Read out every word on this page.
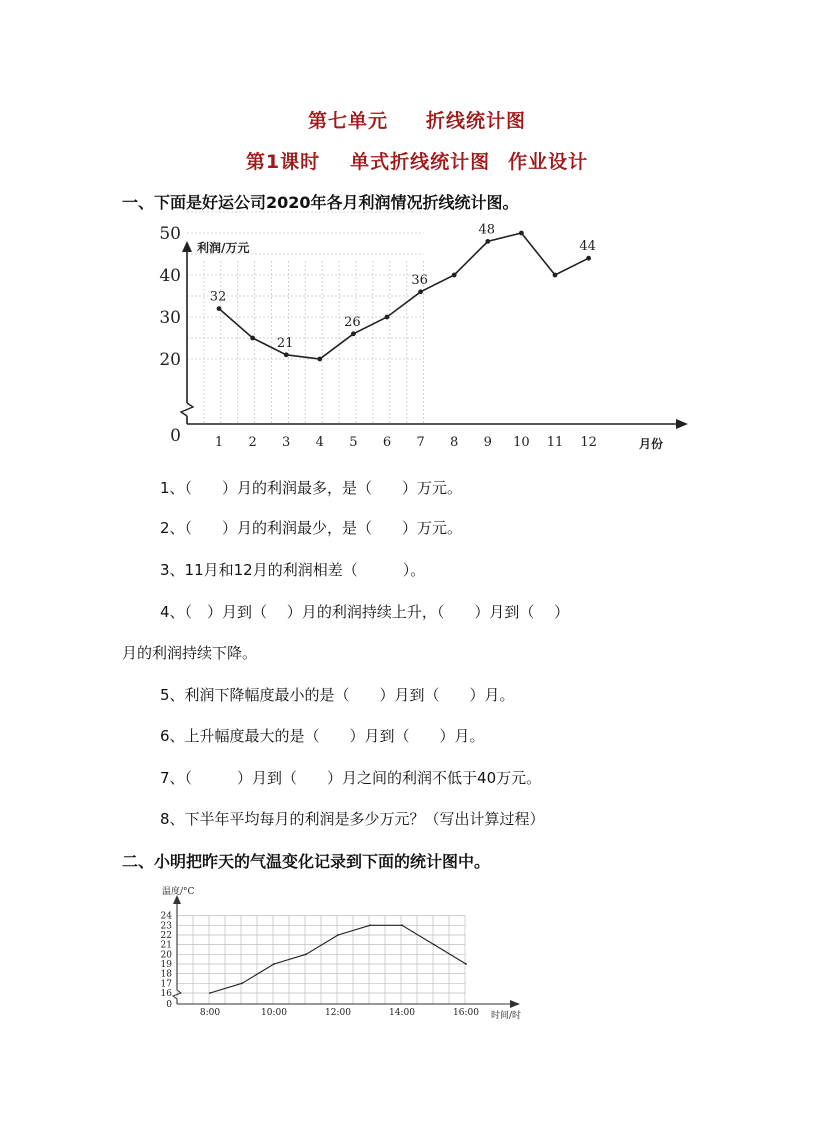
第七单元 折线统计图
第1课时 单式折线统计图 作业设计
一、下面是好运公司2020年各月利润情况折线统计图。
利润/万元
月份
0
20
30
40
50
1 2 3 4 5 6 7 8 9 10 11 12
32
21
26
36
48
44
1、（　　）月的利润最多，是（　　）万元。
2、（　　）月的利润最少，是（　　）万元。
3、11月和12月的利润相差（　　　）。
4、（　）月到（　 ）月的利润持续上升，（　　）月到（　 ）
月的利润持续下降。
5、利润下降幅度最小的是（　　）月到（　　）月。
6、上升幅度最大的是（　　）月到（　　）月。
7、（　　　）月到（　　）月之间的利润不低于40万元。
8、下半年平均每月的利润是多少万元？（写出计算过程）
二、小明把昨天的气温变化记录到下面的统计图中。
温度/°C
时间/时
0
16
17
18
19
20
21
22
23
24
8:00	10:00	12:00	14:00	16:00
